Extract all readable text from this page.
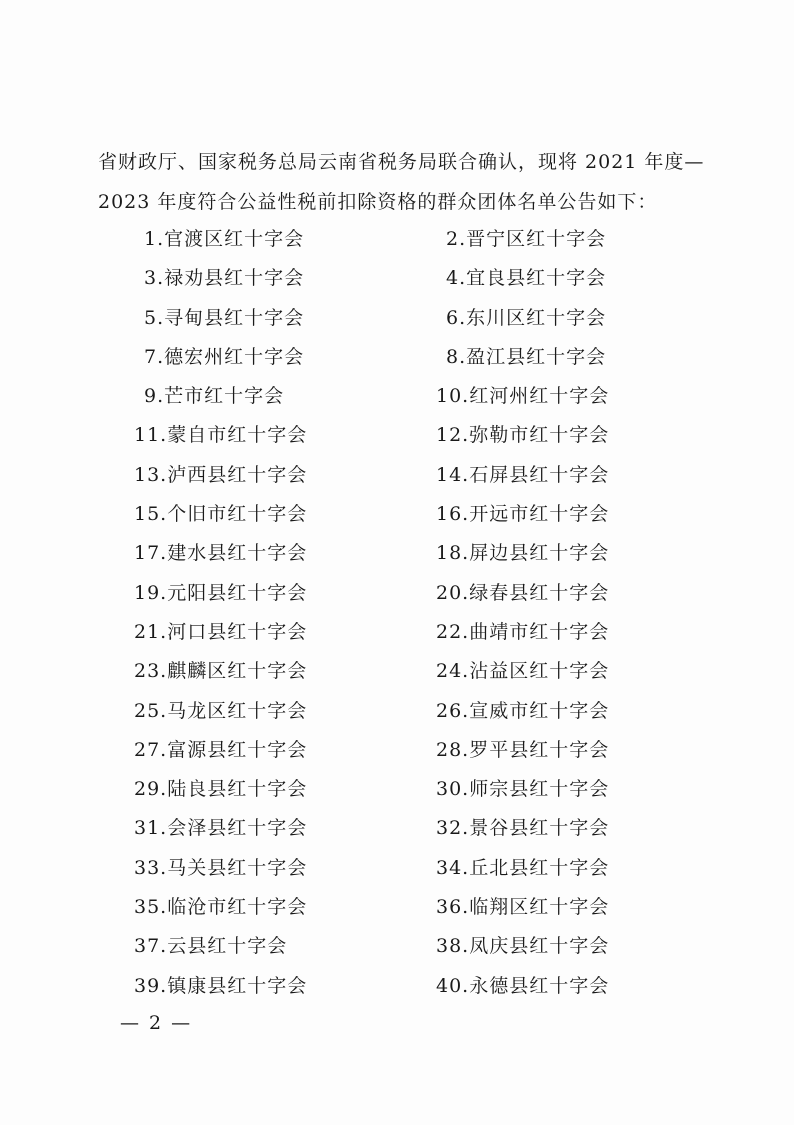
省财政厅、国家税务总局云南省税务局联合确认，现将 2021 年度—

2023 年度符合公益性税前扣除资格的群众团体名单公告如下：

1.官渡区红十字会	2.晋宁区红十字会
3.禄劝县红十字会	4.宜良县红十字会
5.寻甸县红十字会	6.东川区红十字会
7.德宏州红十字会	8.盈江县红十字会
9.芒市红十字会	10.红河州红十字会
11.蒙自市红十字会	12.弥勒市红十字会
13.泸西县红十字会	14.石屏县红十字会
15.个旧市红十字会	16.开远市红十字会
17.建水县红十字会	18.屏边县红十字会
19.元阳县红十字会	20.绿春县红十字会
21.河口县红十字会	22.曲靖市红十字会
23.麒麟区红十字会	24.沾益区红十字会
25.马龙区红十字会	26.宣威市红十字会
27.富源县红十字会	28.罗平县红十字会
29.陆良县红十字会	30.师宗县红十字会
31.会泽县红十字会	32.景谷县红十字会
33.马关县红十字会	34.丘北县红十字会
35.临沧市红十字会	36.临翔区红十字会
37.云县红十字会	38.凤庆县红十字会
39.镇康县红十字会	40.永德县红十字会
— 2 —
